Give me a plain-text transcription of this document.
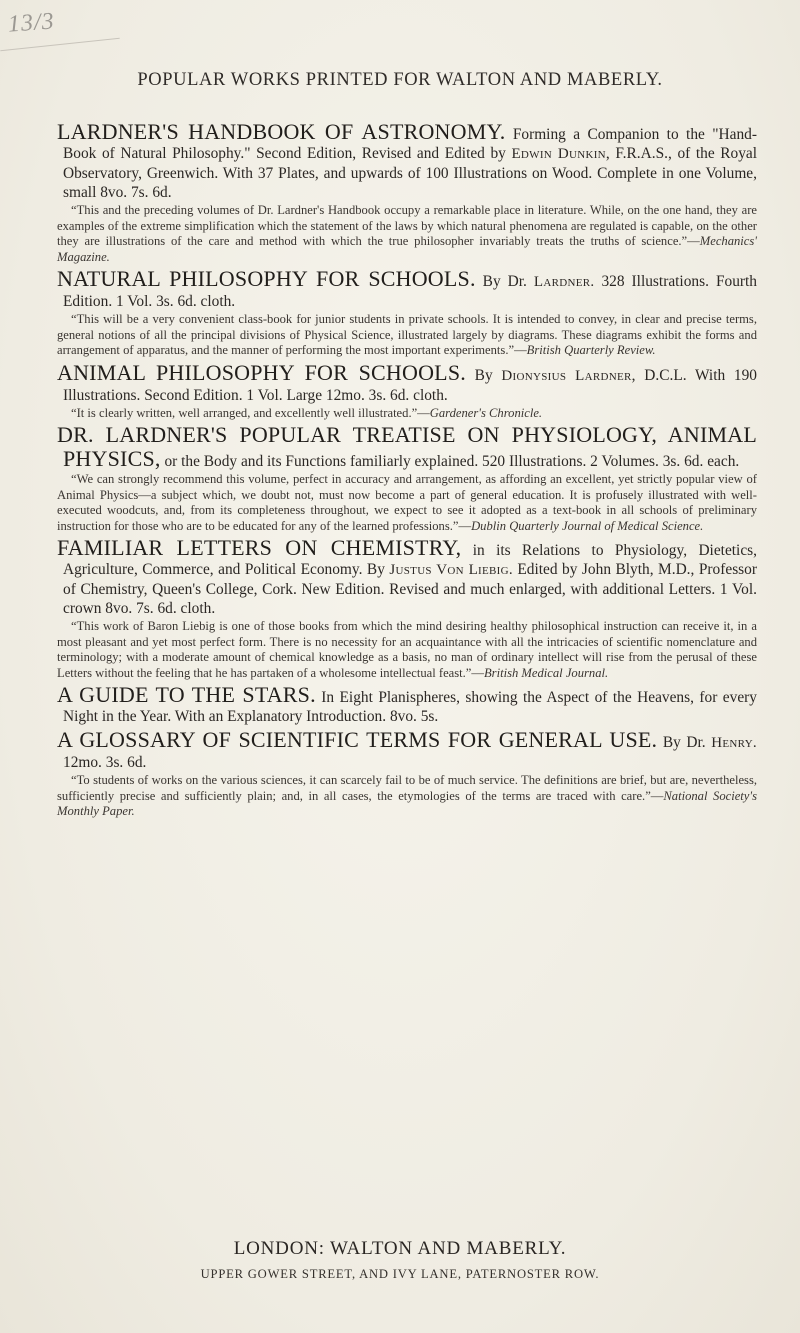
13/3
POPULAR WORKS PRINTED FOR WALTON AND MABERLY.
LARDNER'S HANDBOOK OF ASTRONOMY. Forming a Companion to the "Hand-Book of Natural Philosophy." Second Edition, Revised and Edited by Edwin Dunkin, F.R.A.S., of the Royal Observatory, Greenwich. With 37 Plates, and upwards of 100 Illustrations on Wood. Complete in one Volume, small 8vo. 7s. 6d.
“This and the preceding volumes of Dr. Lardner's Handbook occupy a remarkable place in literature. While, on the one hand, they are examples of the extreme simplification which the statement of the laws by which natural phenomena are regulated is capable, on the other they are illustrations of the care and method with which the true philosopher invariably treats the truths of science.”—Mechanics' Magazine.
NATURAL PHILOSOPHY FOR SCHOOLS. By Dr. Lardner. 328 Illustrations. Fourth Edition. 1 Vol. 3s. 6d. cloth.
“This will be a very convenient class-book for junior students in private schools. It is intended to convey, in clear and precise terms, general notions of all the principal divisions of Physical Science, illustrated largely by diagrams. These diagrams exhibit the forms and arrangement of apparatus, and the manner of performing the most important experiments.”—British Quarterly Review.
ANIMAL PHILOSOPHY FOR SCHOOLS. By Dionysius Lardner, D.C.L. With 190 Illustrations. Second Edition. 1 Vol. Large 12mo. 3s. 6d. cloth.
“It is clearly written, well arranged, and excellently well illustrated.”—Gardener's Chronicle.
DR. LARDNER'S POPULAR TREATISE ON PHYSIOLOGY, ANIMAL PHYSICS, or the Body and its Functions familiarly explained. 520 Illustrations. 2 Volumes. 3s. 6d. each.
“We can strongly recommend this volume, perfect in accuracy and arrangement, as affording an excellent, yet strictly popular view of Animal Physics—a subject which, we doubt not, must now become a part of general education. It is profusely illustrated with well-executed woodcuts, and, from its completeness throughout, we expect to see it adopted as a text-book in all schools of preliminary instruction for those who are to be educated for any of the learned professions.”—Dublin Quarterly Journal of Medical Science.
FAMILIAR LETTERS ON CHEMISTRY, in its Relations to Physiology, Dietetics, Agriculture, Commerce, and Political Economy. By Justus Von Liebig. Edited by John Blyth, M.D., Professor of Chemistry, Queen's College, Cork. New Edition. Revised and much enlarged, with additional Letters. 1 Vol. crown 8vo. 7s. 6d. cloth.
“This work of Baron Liebig is one of those books from which the mind desiring healthy philosophical instruction can receive it, in a most pleasant and yet most perfect form. There is no necessity for an acquaintance with all the intricacies of scientific nomenclature and terminology; with a moderate amount of chemical knowledge as a basis, no man of ordinary intellect will rise from the perusal of these Letters without the feeling that he has partaken of a wholesome intellectual feast.”—British Medical Journal.
A GUIDE TO THE STARS. In Eight Planispheres, showing the Aspect of the Heavens, for every Night in the Year. With an Explanatory Introduction. 8vo. 5s.
A GLOSSARY OF SCIENTIFIC TERMS FOR GENERAL USE. By Dr. Henry. 12mo. 3s. 6d.
“To students of works on the various sciences, it can scarcely fail to be of much service. The definitions are brief, but are, nevertheless, sufficiently precise and sufficiently plain; and, in all cases, the etymologies of the terms are traced with care.”—National Society's Monthly Paper.
LONDON: WALTON AND MABERLY.
UPPER GOWER STREET, AND IVY LANE, PATERNOSTER ROW.
